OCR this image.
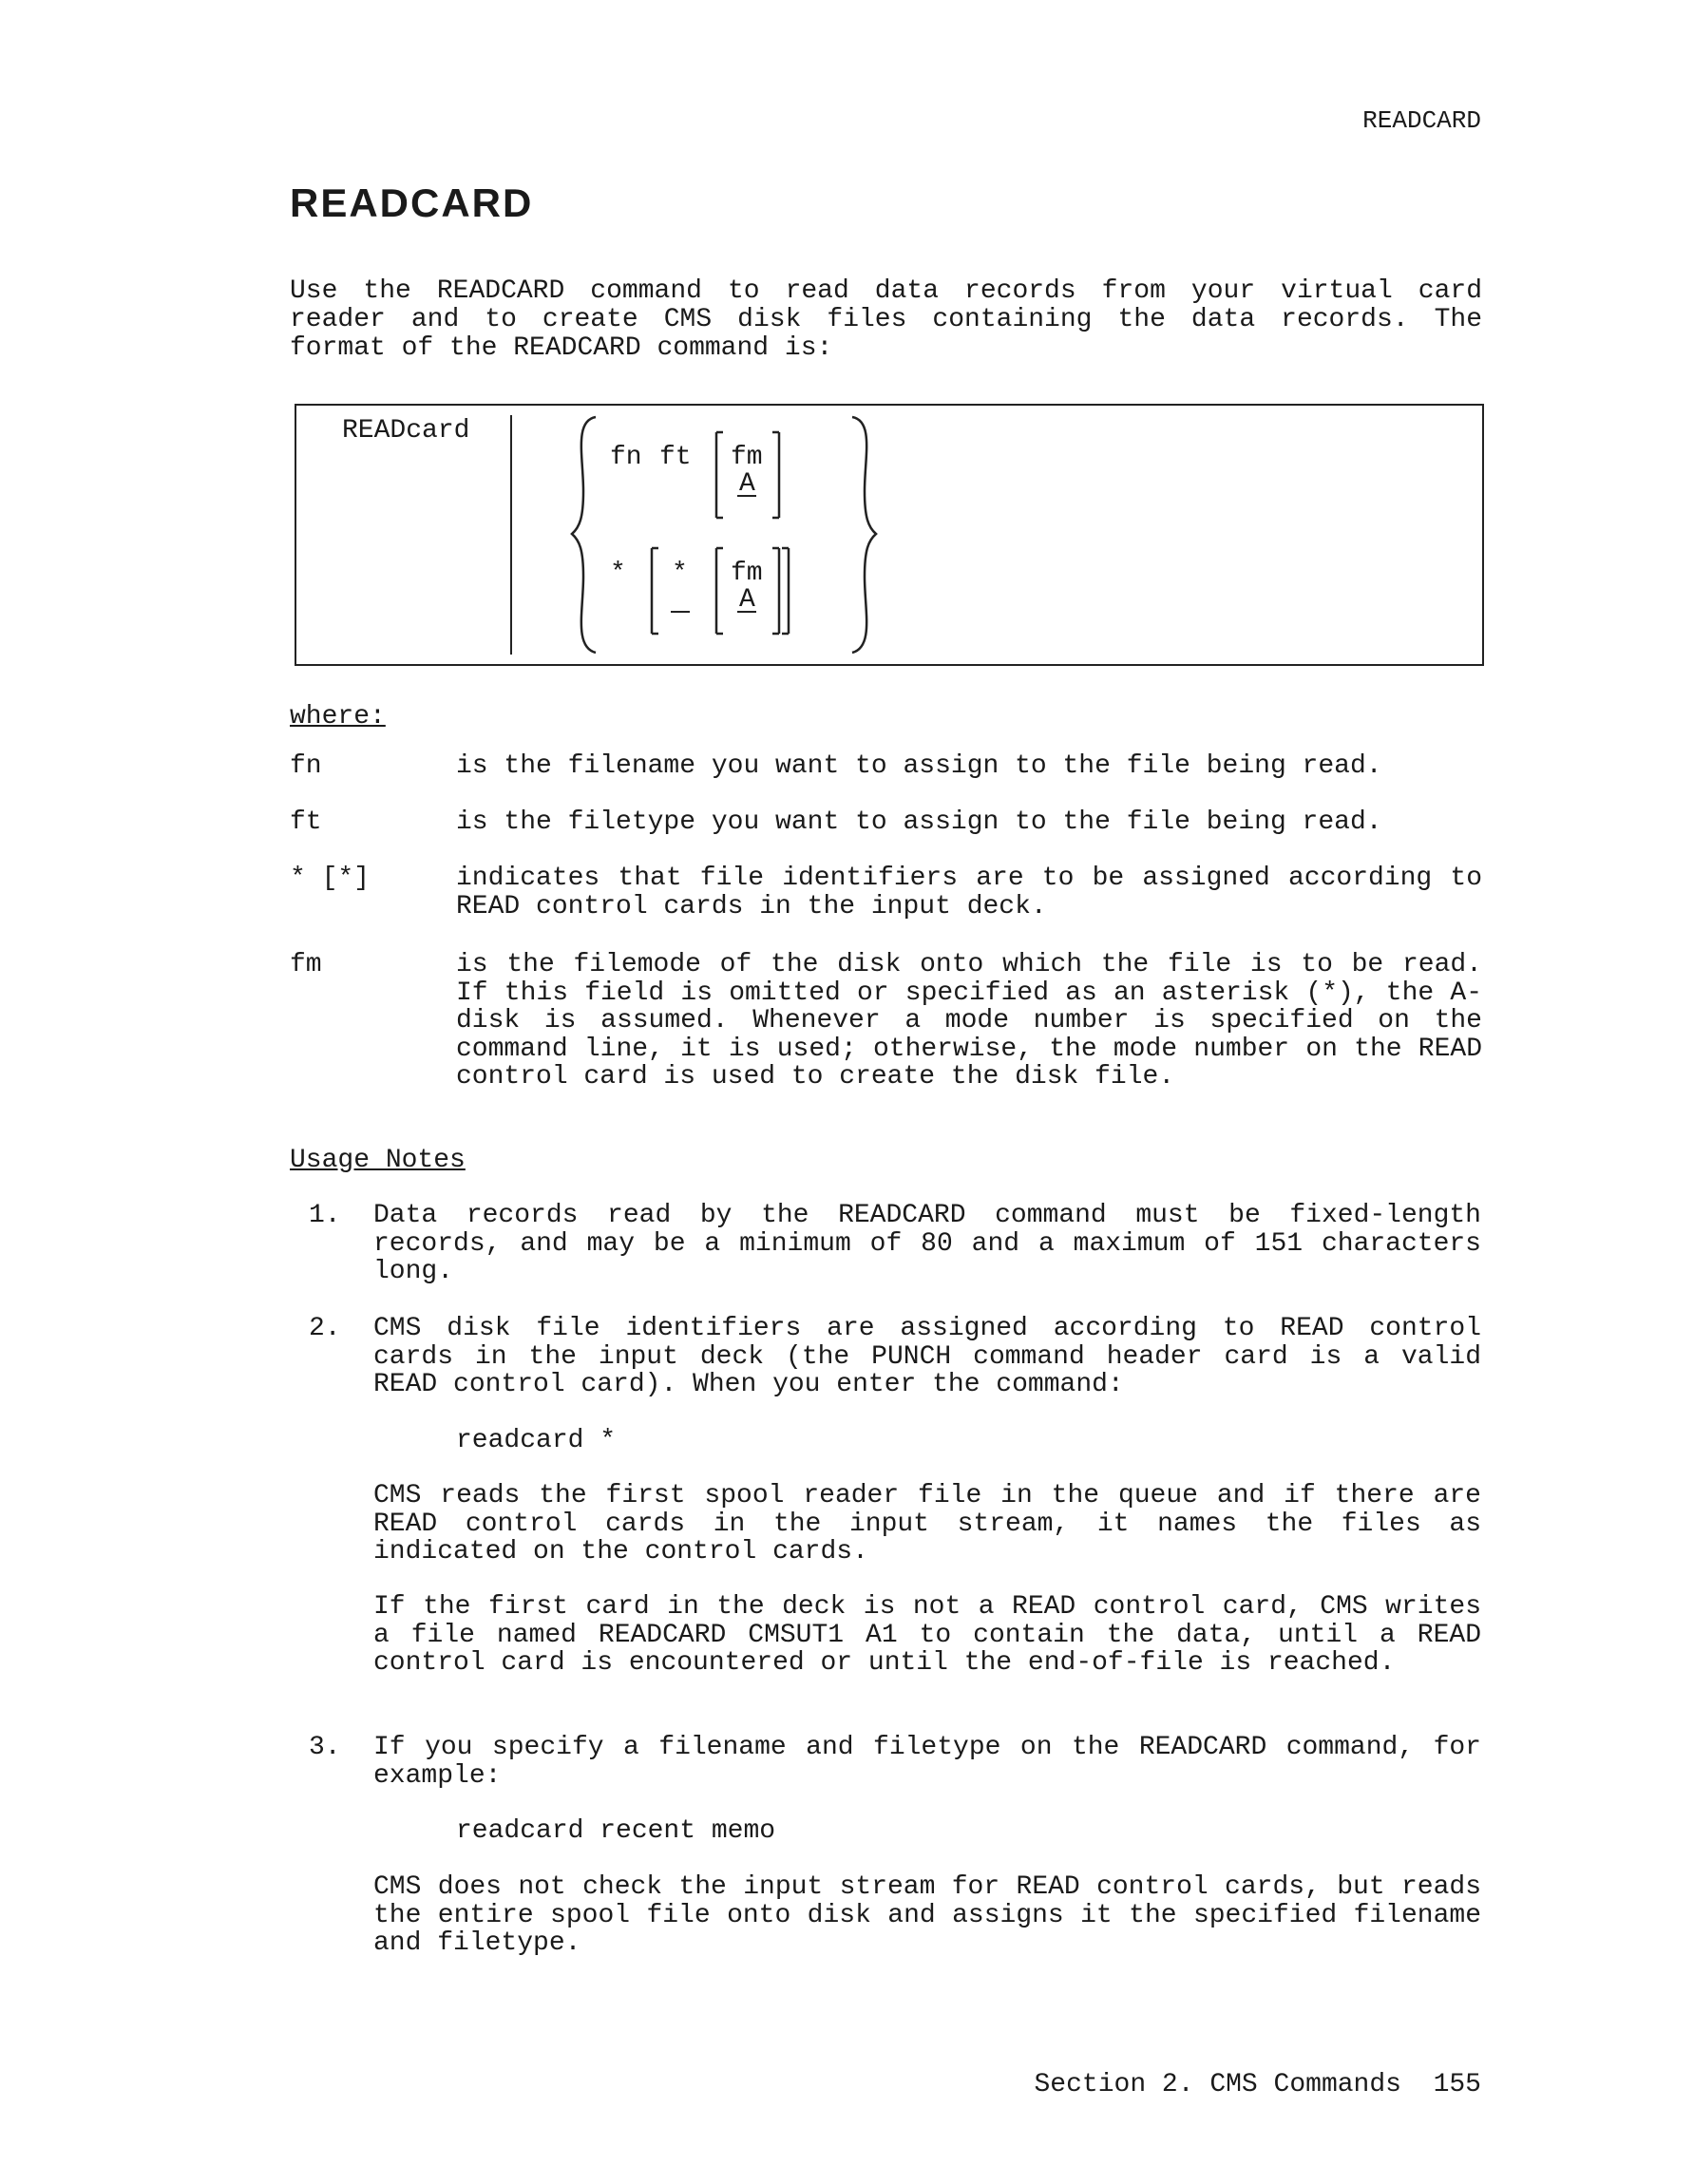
READCARD
READCARD
Use the READCARD command to read data records from your virtual card reader and to create CMS disk files containing the data records. The format of the READCARD command is:
READcard
fn ft fm
A
* * fm
A
where:
fn	is the filename you want to assign to the file being read.
ft	is the filetype you want to assign to the file being read.
* [*]	indicates that file identifiers are to be assigned according to READ control cards in the input deck.
fm	is the filemode of the disk onto which the file is to be read. If this field is omitted or specified as an asterisk (*), the A-disk is assumed. Whenever a mode number is specified on the command line, it is used; otherwise, the mode number on the READ control card is used to create the disk file.
Usage Notes
1. Data records read by the READCARD command must be fixed-length records, and may be a minimum of 80 and a maximum of 151 characters long.
2. CMS disk file identifiers are assigned according to READ control cards in the input deck (the PUNCH command header card is a valid READ control card). When you enter the command:
readcard *
CMS reads the first spool reader file in the queue and if there are READ control cards in the input stream, it names the files as indicated on the control cards.
If the first card in the deck is not a READ control card, CMS writes a file named READCARD CMSUT1 A1 to contain the data, until a READ control card is encountered or until the end-of-file is reached.
3. If you specify a filename and filetype on the READCARD command, for example:
readcard recent memo
CMS does not check the input stream for READ control cards, but reads the entire spool file onto disk and assigns it the specified filename and filetype.
Section 2. CMS Commands 155
